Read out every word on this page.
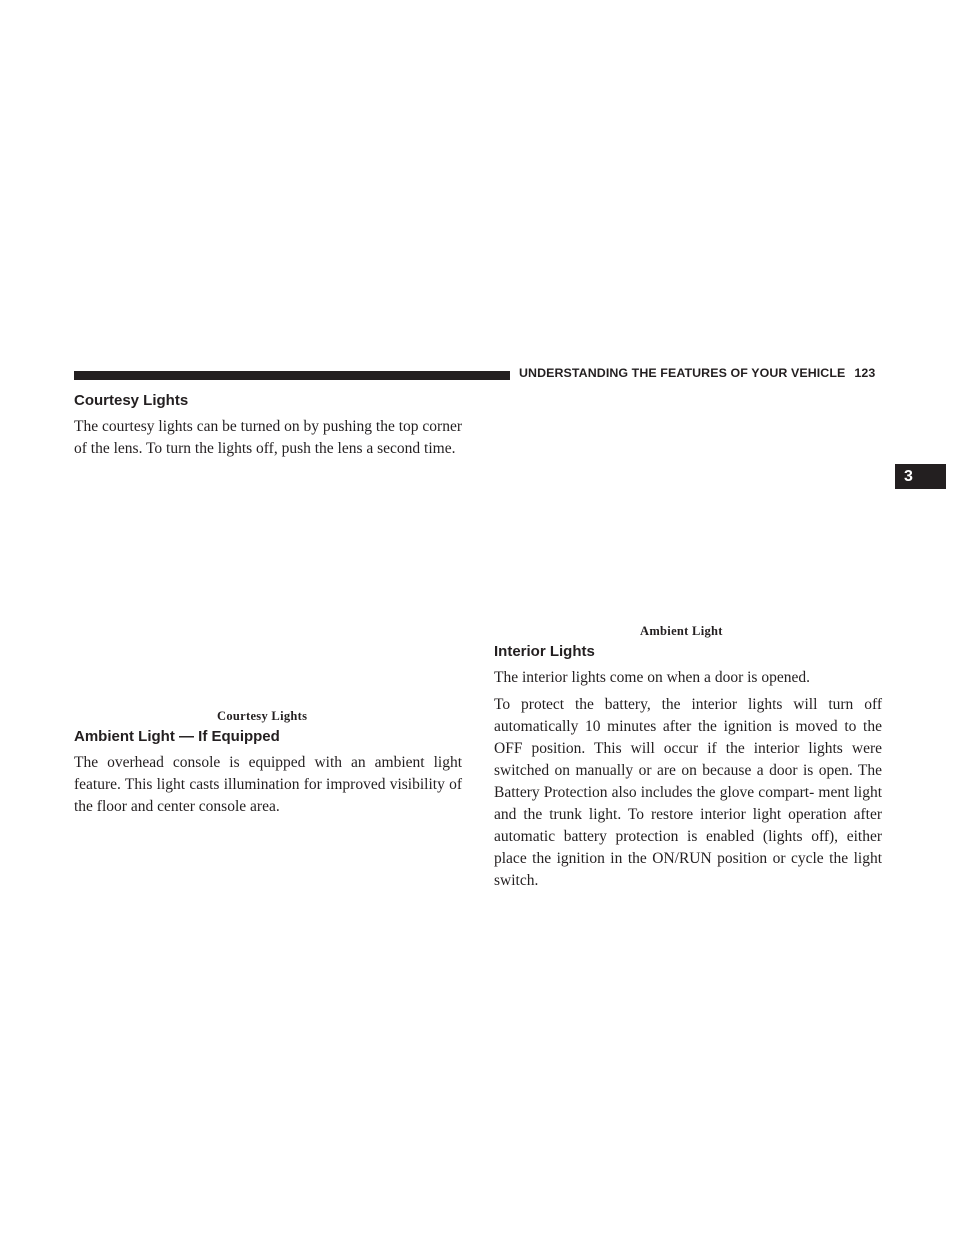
UNDERSTANDING THE FEATURES OF YOUR VEHICLE 123
3
Courtesy Lights

The courtesy lights can be turned on by pushing the top corner of the lens. To turn the lights off, push the lens a second time.

Courtesy Lights

Ambient Light — If Equipped

The overhead console is equipped with an ambient light feature. This light casts illumination for improved visibility of the floor and center console area.

Ambient Light

Interior Lights

The interior lights come on when a door is opened.

To protect the battery, the interior lights will turn off automatically 10 minutes after the ignition is moved to the OFF position. This will occur if the interior lights were switched on manually or are on because a door is open. The Battery Protection also includes the glove compart- ment light and the trunk light. To restore interior light operation after automatic battery protection is enabled (lights off), either place the ignition in the ON/RUN position or cycle the light switch.
